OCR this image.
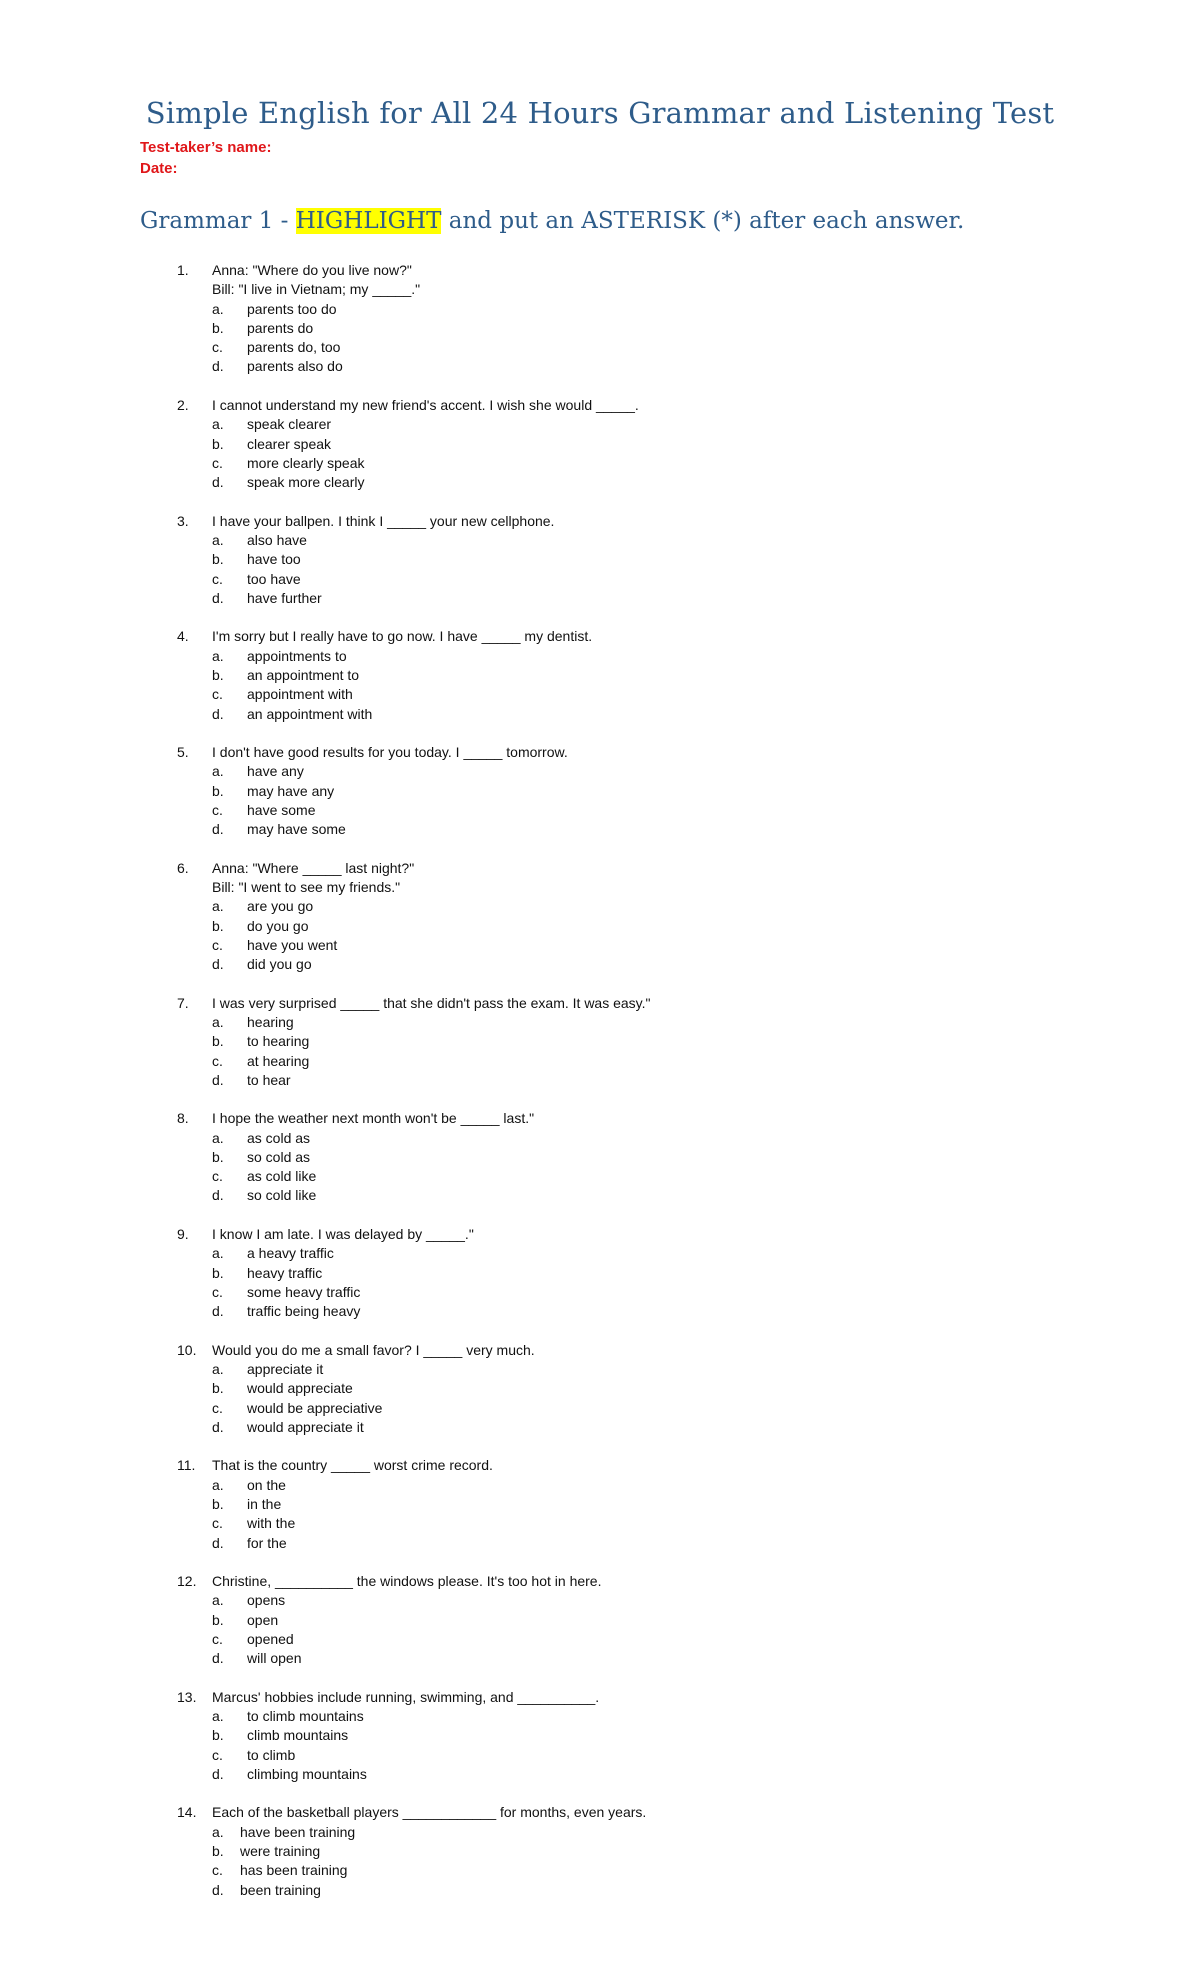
Simple English for All 24 Hours Grammar and Listening Test

Test-taker’s name:

Date:

Grammar 1 - HIGHLIGHT and put an ASTERISK (*) after each answer.
1.	Anna: "Where do you live now?"
Bill: "I live in Vietnam; my _____."
a. parents too do
b. parents do
c. parents do, too
d. parents also do
2.	I cannot understand my new friend's accent. I wish she would _____.
a. speak clearer
b. clearer speak
c. more clearly speak
d. speak more clearly
3.	I have your ballpen. I think I _____ your new cellphone.
a. also have
b. have too
c. too have
d. have further
4.	I'm sorry but I really have to go now. I have _____ my dentist.
a. appointments to
b. an appointment to
c. appointment with
d. an appointment with
5.	I don't have good results for you today. I _____ tomorrow.
a. have any
b. may have any
c. have some
d. may have some
6.	Anna: "Where _____ last night?"
Bill: "I went to see my friends."
a. are you go
b. do you go
c. have you went
d. did you go
7.	I was very surprised _____ that she didn't pass the exam. It was easy."
a. hearing
b. to hearing
c. at hearing
d. to hear
8.	I hope the weather next month won't be _____ last."
a. as cold as
b. so cold as
c. as cold like
d. so cold like
9.	I know I am late. I was delayed by _____."
a. a heavy traffic
b. heavy traffic
c. some heavy traffic
d. traffic being heavy
10.	Would you do me a small favor? I _____ very much.
a. appreciate it
b. would appreciate
c. would be appreciative
d. would appreciate it
11.	That is the country _____ worst crime record.
a. on the
b. in the
c. with the
d. for the
12.	Christine, __________ the windows please. It's too hot in here.
a. opens
b. open
c. opened
d. will open
13.	Marcus' hobbies include running, swimming, and __________.
a. to climb mountains
b. climb mountains
c. to climb
d. climbing mountains
14.	Each of the basketball players ____________ for months, even years.
a. have been training
b. were training
c. has been training
d. been training
